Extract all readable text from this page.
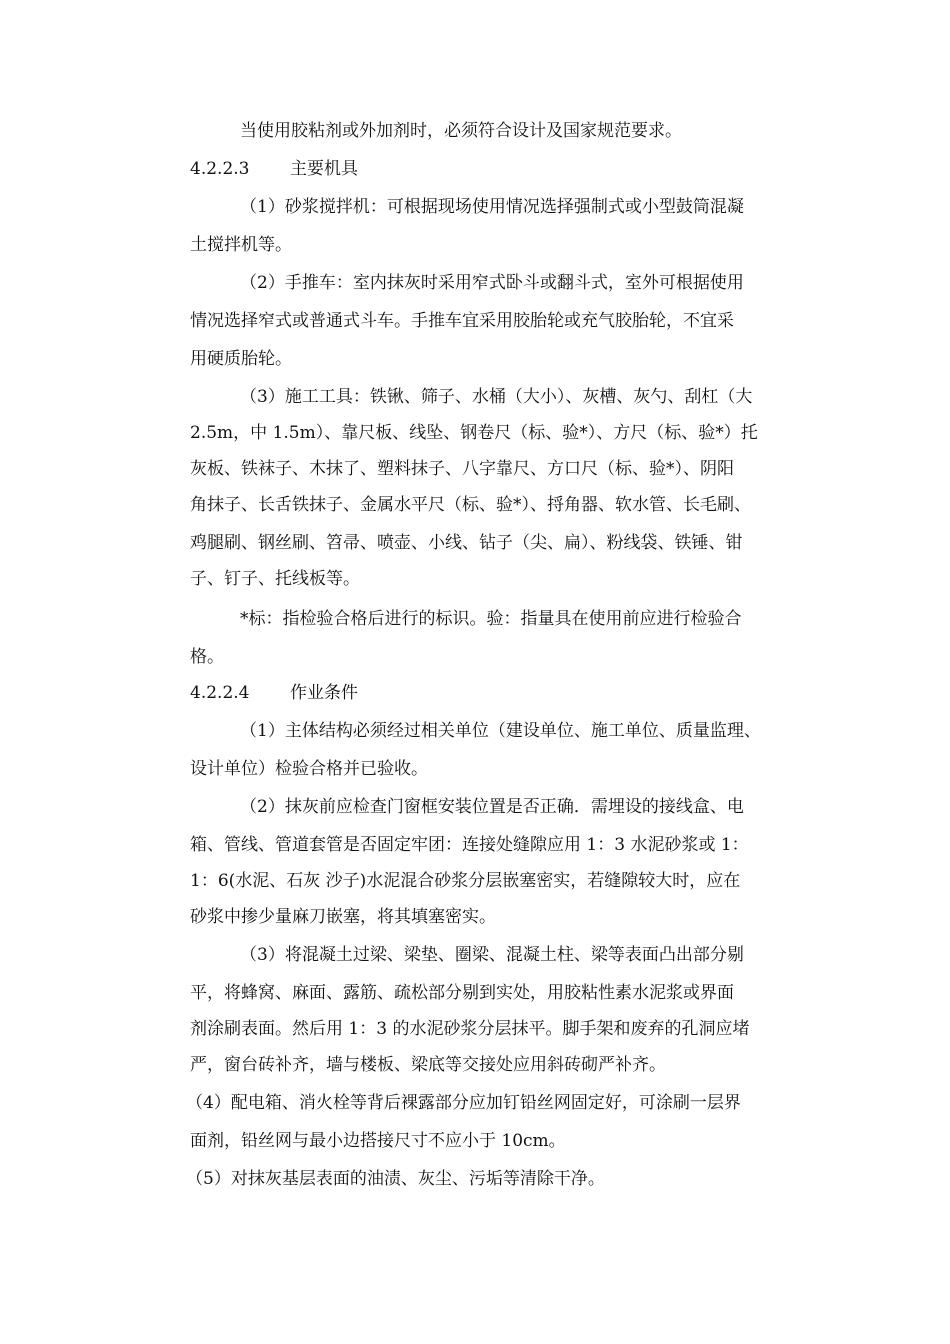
当使用胶粘剂或外加剂时，必须符合设计及国家规范要求。
4.2.2.3 主要机具
（1）砂浆搅拌机：可根据现场使用情况选择强制式或小型鼓筒混凝
土搅拌机等。
（2）手推车：室内抹灰时采用窄式卧斗或翻斗式，室外可根据使用
情况选择窄式或普通式斗车。手推车宜采用胶胎轮或充气胶胎轮，不宜采
用硬质胎轮。
（3）施工工具：铁锹、筛子、水桶（大小）、灰槽、灰勺、刮杠（大
2.5m，中 1.5m）、靠尺板、线坠、钢卷尺（标、验*）、方尺（标、验*）托
灰板、铁袜子、木抹了、塑料抹子、八字靠尺、方口尺（标、验*）、阴阳
角抹子、长舌铁抹子、金属水平尺（标、验*）、捋角器、软水管、长毛刷、
鸡腿刷、钢丝刷、笤帚、喷壶、小线、钻子（尖、扁）、粉线袋、铁锤、钳
子、钉子、托线板等。
*标：指检验合格后进行的标识。验：指量具在使用前应进行检验合
格。
4.2.2.4 作业条件
（1）主体结构必须经过相关单位（建设单位、施工单位、质量监理、
设计单位）检验合格并已验收。
（2）抹灰前应检查门窗框安装位置是否正确．需埋设的接线盒、电
箱、管线、管道套管是否固定牢团：连接处缝隙应用 1：3 水泥砂浆或 1：
1：6(水泥、石灰 沙子)水泥混合砂浆分层嵌塞密实，若缝隙较大时，应在
砂浆中掺少量麻刀嵌塞，将其填塞密实。
（3）将混凝土过梁、梁垫、圈梁、混凝土柱、梁等表面凸出部分剔
平，将蜂窝、麻面、露筋、疏松部分剔到实处，用胶粘性素水泥浆或界面
剂涂刷表面。然后用 1：3 的水泥砂浆分层抹平。脚手架和废弃的孔洞应堵
严，窗台砖补齐，墙与楼板、梁底等交接处应用斜砖砌严补齐。
（4）配电箱、消火栓等背后裸露部分应加钉铅丝网固定好，可涂刷一层界
面剂，铅丝网与最小边搭接尺寸不应小于 10cm。
（5）对抹灰基层表面的油渍、灰尘、污垢等清除干净。
